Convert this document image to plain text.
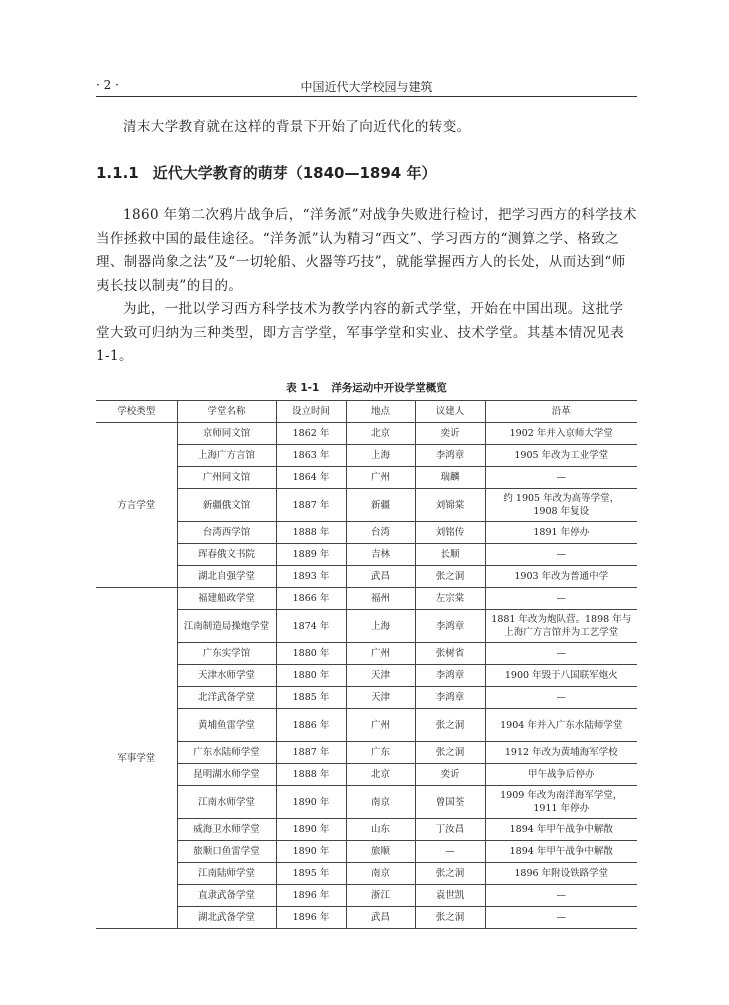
· 2 ·	中国近代大学校园与建筑
清末大学教育就在这样的背景下开始了向近代化的转变。
1.1.1 近代大学教育的萌芽（1840—1894 年）
1860 年第二次鸦片战争后，“洋务派”对战争失败进行检讨，把学习西方的科学技术当作拯救中国的最佳途径。“洋务派”认为精习“西文”、学习西方的“测算之学、格致之理、制器尚象之法”及“一切轮船、火器等巧技”，就能掌握西方人的长处，从而达到“师夷长技以制夷”的目的。
为此，一批以学习西方科学技术为教学内容的新式学堂，开始在中国出现。这批学堂大致可归纳为三种类型，即方言学堂，军事学堂和实业、技术学堂。其基本情况见表 1-1。
表 1-1 洋务运动中开设学堂概览
学校类型	学堂名称	设立时间	地点	议建人	沿革
方言学堂	京师同文馆	1862 年	北京	奕䜣	1902 年并入京师大学堂
	上海广方言馆	1863 年	上海	李鸿章	1905 年改为工业学堂
	广州同文馆	1864 年	广州	瑞麟	—
	新疆俄文馆	1887 年	新疆	刘锦棠	约 1905 年改为高等学堂，
1908 年复设
	台湾西学馆	1888 年	台湾	刘铭传	1891 年停办
	珲春俄文书院	1889 年	吉林	长顺	—
	湖北自强学堂	1893 年	武昌	张之洞	1903 年改为普通中学
军事学堂	福建船政学堂	1866 年	福州	左宗棠	—
	江南制造局操炮学堂	1874 年	上海	李鸿章	1881 年改为炮队营。1898 年与上海广方言馆并为工艺学堂
	广东实学馆	1880 年	广州	张树省	—
	天津水师学堂	1880 年	天津	李鸿章	1900 年毁于八国联军炮火
	北洋武备学堂	1885 年	天津	李鸿章	—
	黄埔鱼雷学堂	1886 年	广州	张之洞	1904 年并入广东水陆师学堂
	广东水陆师学堂	1887 年	广东	张之洞	1912 年改为黄埔海军学校
	昆明湖水师学堂	1888 年	北京	奕䜣	甲午战争后停办
	江南水师学堂	1890 年	南京	曾国荃	1909 年改为南洋海军学堂，
1911 年停办
	威海卫水师学堂	1890 年	山东	丁汝昌	1894 年甲午战争中解散
	旅顺口鱼雷学堂	1890 年	旅顺	—	1894 年甲午战争中解散
	江南陆师学堂	1895 年	南京	张之洞	1896 年附设铁路学堂
	直隶武备学堂	1896 年	浙江	袁世凯	—
	湖北武备学堂	1896 年	武昌	张之洞	—
